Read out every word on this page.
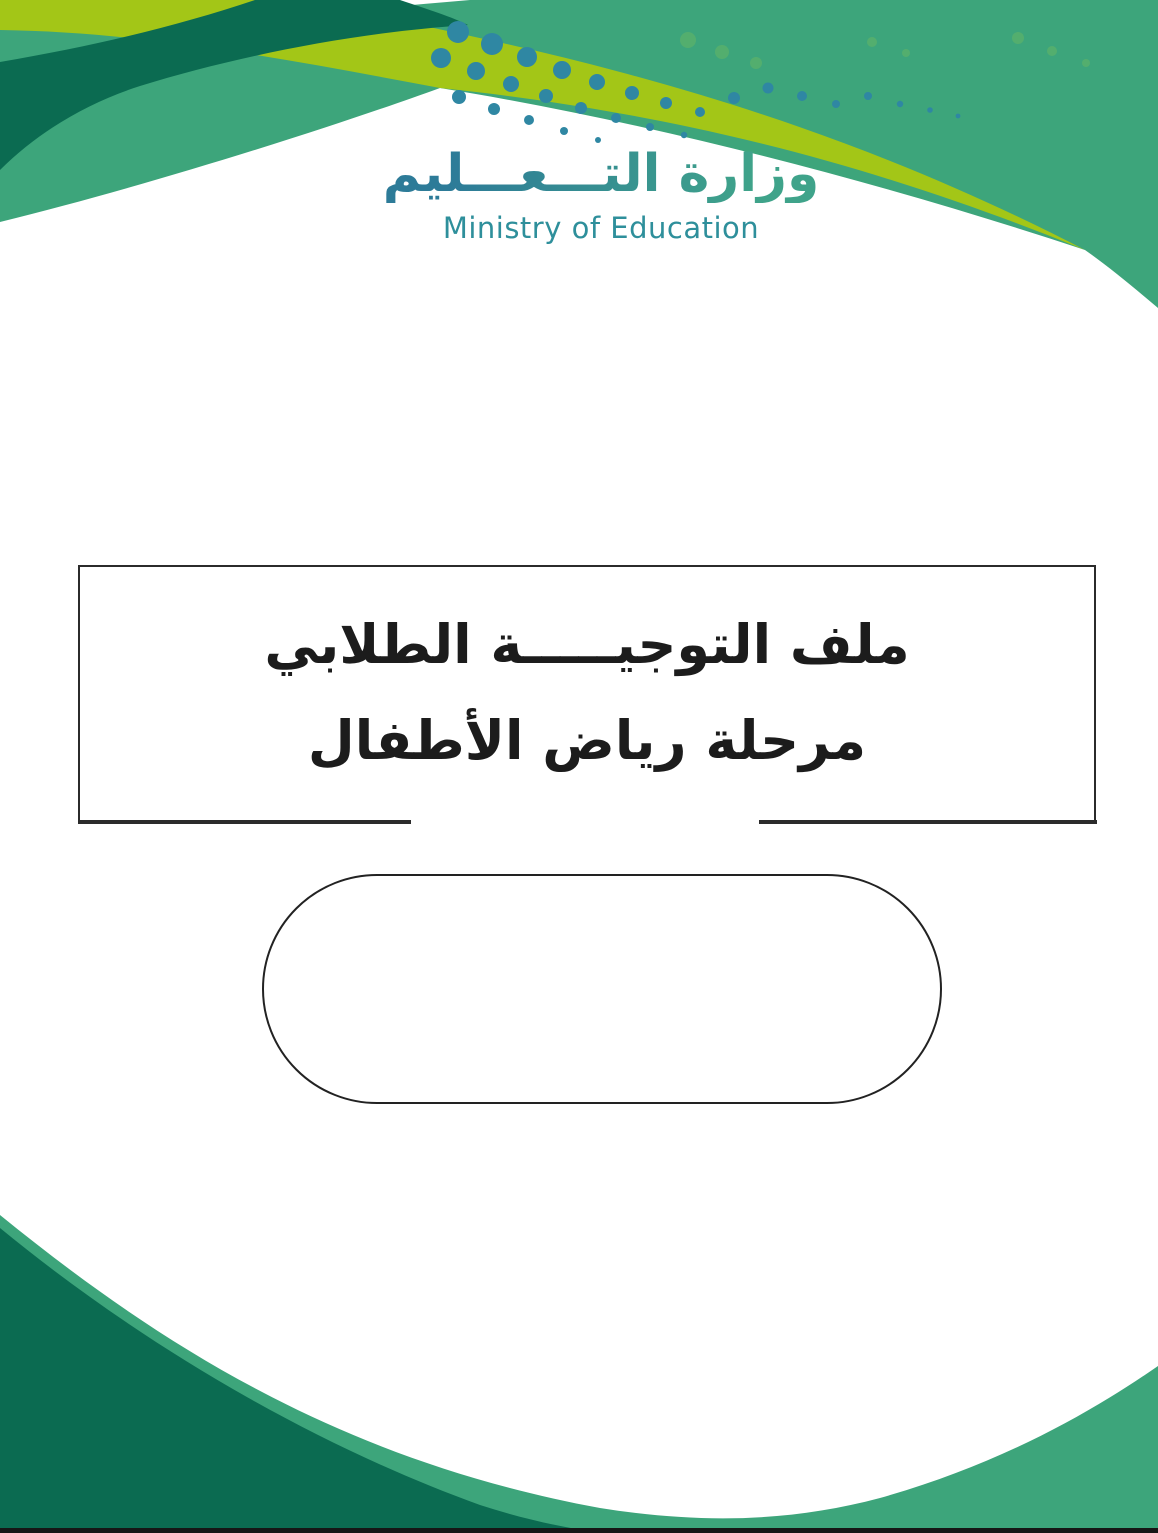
وزارة التـــعـــليم
Ministry of Education
ملف التوجيـــــة الطلابي
مرحلة رياض الأطفال
